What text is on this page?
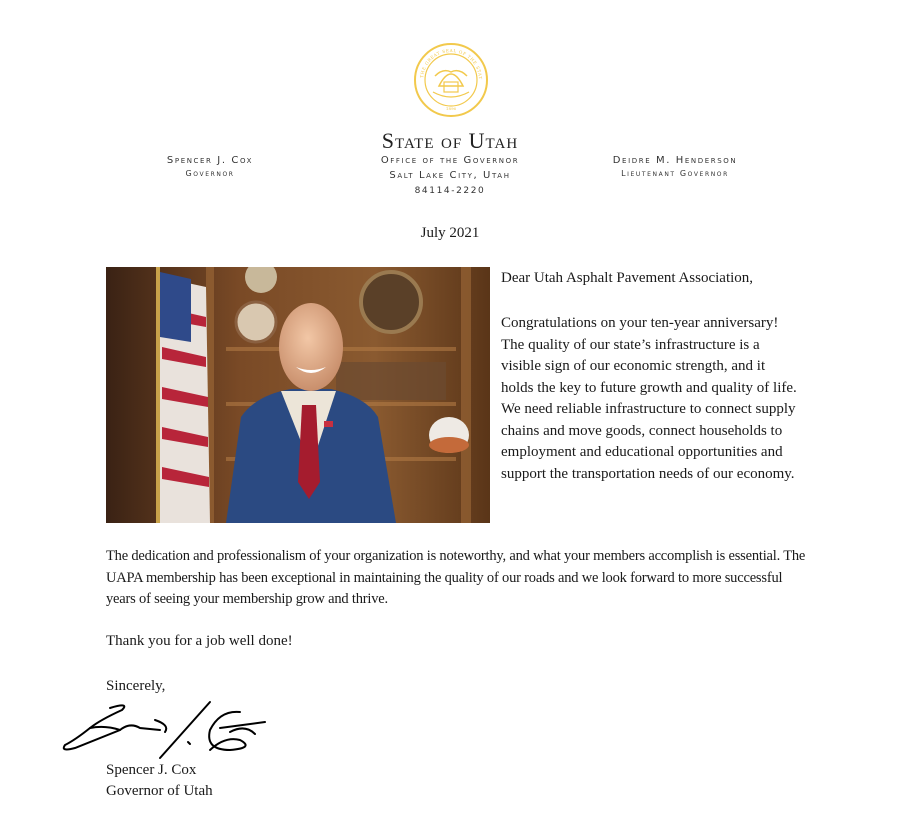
1896
THE GREAT SEAL OF THE STAT
State of Utah
Spencer J. Cox
Governor
Office of the Governor
Salt Lake City, Utah
84114-2220
Deidre M. Henderson
Lieutenant Governor
July 2021
Dear Utah Asphalt Pavement Association,
Congratulations on your ten-year anniversary! The quality of our state’s infrastructure is a visible sign of our economic strength, and it holds the key to future growth and quality of life. We need reliable infrastructure to connect supply chains and move goods, connect households to employment and educational opportunities and support the transportation needs of our economy.
The dedication and professionalism of your organization is noteworthy, and what your members accomplish is essential. The UAPA membership has been exceptional in maintaining the quality of our roads and we look forward to more successful years of seeing your membership grow and thrive.
Thank you for a job well done!
Sincerely,
Spencer J. Cox
Governor of Utah
